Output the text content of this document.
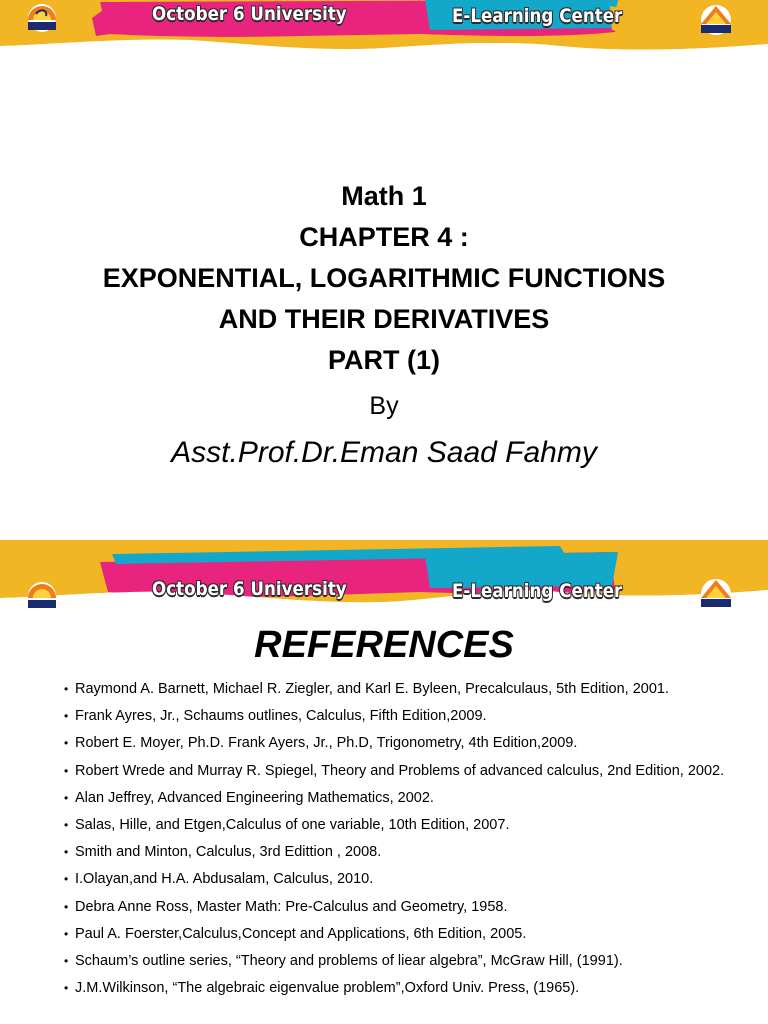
October 6 University	E-Learning Center
Math 1
CHAPTER 4 :
EXPONENTIAL, LOGARITHMIC FUNCTIONS
AND THEIR DERIVATIVES
PART (1)
By
Asst.Prof.Dr.Eman Saad Fahmy
October 6 University	E-Learning Center
REFERENCES
• Raymond A. Barnett, Michael R. Ziegler, and Karl E. Byleen, Precalculaus, 5th Edition, 2001.
• Frank Ayres, Jr., Schaums outlines, Calculus, Fifth Edition,2009.
• Robert E. Moyer, Ph.D. Frank Ayers, Jr., Ph.D, Trigonometry, 4th Edition,2009.
• Robert Wrede and Murray R. Spiegel, Theory and Problems of advanced calculus, 2nd Edition, 2002.
• Alan Jeffrey, Advanced Engineering Mathematics, 2002.
• Salas, Hille, and Etgen,Calculus of one variable, 10th Edition, 2007.
• Smith and Minton, Calculus, 3rd Editti​on , 2008.
• I.Olayan,and H.A. Abdusalam, Calculus, 2010.
• Debra Anne Ross, Master Math: Pre-Calculus and Geometry, 1958.
• Paul A. Foerster,Calculus,Concept and Applications, 6th Edition, 2005.
• Schaum’s outline series, “Theory and problems of liear algebra”, McGraw Hill, (1991).
• J.M.Wilkinson, “The algebraic eigenvalue problem”,Oxford Univ. Press, (1965).
